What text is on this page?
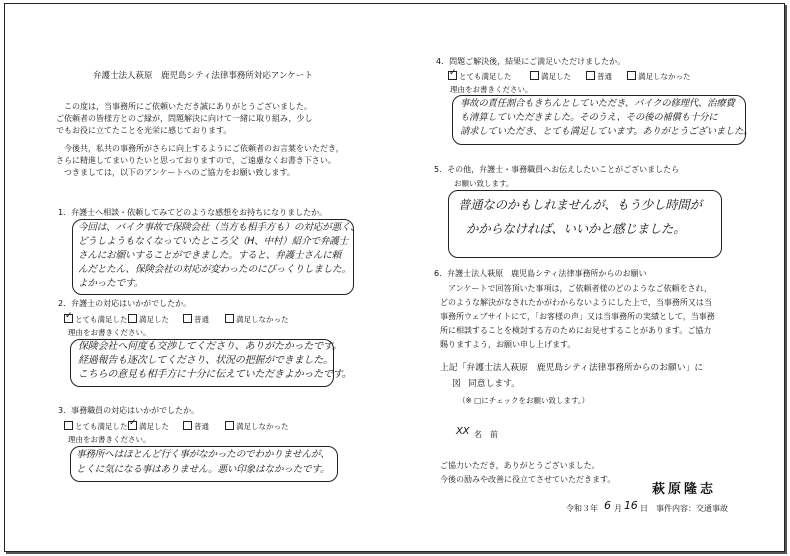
弁護士法人萩原　鹿児島シティ法律事務所対応アンケート
この度は，当事務所にご依頼いただき誠にありがとうございました。
ご依頼者の皆様方とのご縁が，問題解決に向けて一緒に取り組み，少し
でもお役に立てたことを光栄に感じております。
今後共，私共の事務所がさらに向上するようにご依頼者のお言葉をいただき，
さらに精進してまいりたいと思っておりますので，ご遠慮なくお書き下さい。
つきましては，以下のアンケートへのご協力をお願い致します。
1．弁護士へ相談・依頼してみてどのような感想をお持ちになりましたか。
今回は、バイク事故で保険会社（当方も相手方も）の対応が悪く、
どうしようもなくなっていたところ父（H、中村）紹介で弁護士
さんにお願いすることができました。すると、弁護士さんに頼
んだとたん、保険会社の対応が変わったのにびっくりしました。
よかったです。
2．弁護士の対応はいかがでしたか。
✓ とても満足した	満足した	普通	満足しなかった
理由をお書きください。
保険会社へ何度も交渉してくださり、ありがたかったです。
経過報告も逐次してくださり、状況の把握ができました。
こちらの意見も相手方に十分に伝えていただきよかったです。
3．事務職員の対応はいかがでしたか。
とても満足した ✓ 満足した	普通	満足しなかった
理由をお書きください。
事務所へはほとんど行く事がなかったのでわかりませんが、
とくに気になる事はありません。悪い印象はなかったです。
4．問題ご解決後，結果にご満足いただけましたか。
✓ とても満足した	満足した	普通	満足しなかった
理由をお書きください。
事故の責任割合もきちんとしていただき、バイクの修理代、治療費
も清算していただきました。そのうえ、その後の補償も十分に
請求していただき、とても満足しています。ありがとうございました。
5．その他，弁護士・事務職員へお伝えしたいことがございましたら
お願い致します。
普通なのかもしれませんが、もう少し時間が
かからなければ、いいかと感じました。
6．弁護士法人萩原　鹿児島シティ法律事務所からのお願い
アンケートで回答頂いた事項は，ご依頼者様のどのようなご依頼をされ，
どのような解決がなされたかがわからないようにした上で，当事務所又は当
事務所ウェブサイトにて，「お客様の声」又は当事務所の実績として，当事務
所に相談することを検討する方のためにお見せすることがあります。ご協力
賜りますよう，お願い申し上げます。
上記「弁護士法人萩原　鹿児島シティ法律事務所からのお願い」に
図 同意します。
（※ □にチェックをお願い致します。）
XX 名　前
ご協力いただき，ありがとうございました。
今後の励みや改善に役立てさせていただきます。
萩原隆志
令和３年 6 月 16 日 事件内容：交通事故
